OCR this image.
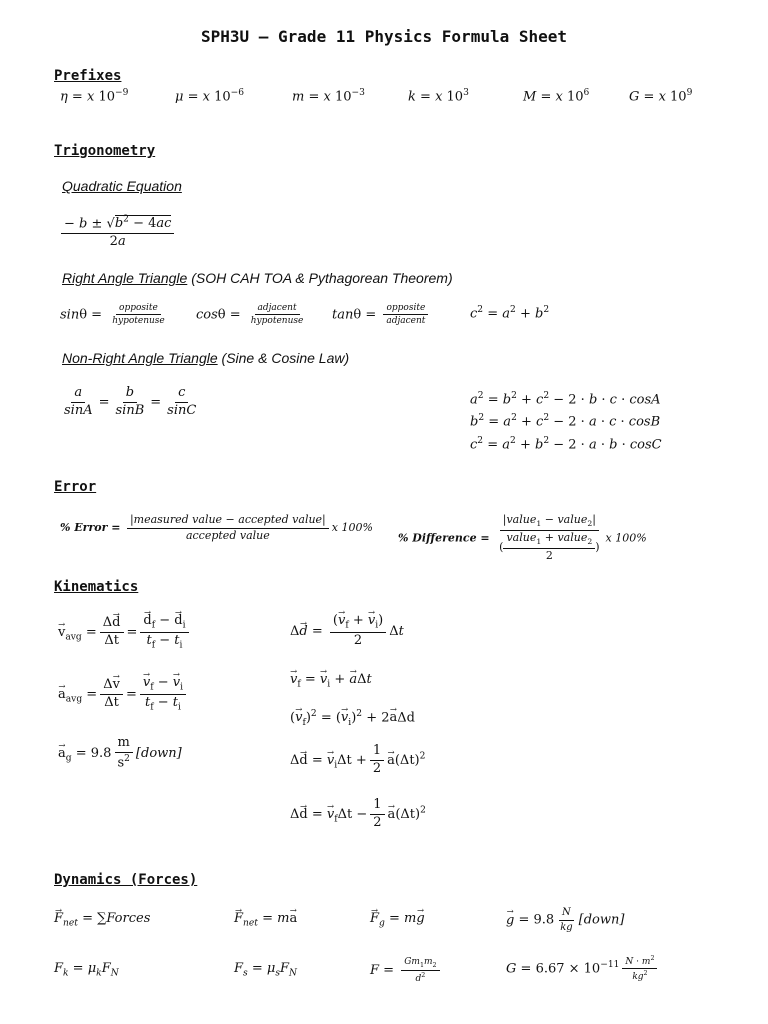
SPH3U – Grade 11 Physics Formula Sheet
Prefixes
η = x $10^{-9}$	μ = x $10^{-6}$	m = x $10^{-3}$	k = x $10^3$	M = x $10^6$	G = x $10^9$
Trigonometry
Quadratic Equation
$\frac{- b \pm √b^2 - 4ac}{2a}$
Right Angle Triangle (SOH CAH TOA & Pythagorean Theorem)
$\sin\theta = \frac{\text{opposite}}{\text{hypotenuse}}$ $\cos\theta = \frac{\text{adjacent}}{\text{hypotenuse}}$ $\tan\theta = \frac{\text{opposite}}{\text{adjacent}}$	$c^2 = a^2 + b^2$
Non-Right Angle Triangle (Sine & Cosine Law)
$\frac{a}{\sin A} = \frac{b}{\sin B} = \frac{c}{\sin C}$	$a^2 = b^2 + c^2 - 2 \cdot b \cdot c \cdot \cos A$
$b^2 = a^2 + c^2 - 2 \cdot a \cdot c \cdot \cos B$
$c^2 = a^2 + b^2 - 2 \cdot a \cdot b \cdot \cos C$
Error
% Error = $\frac{\text{|measured value − accepted value|}}{\text{accepted value}}$ x 100%
% Difference = $\frac{|value_1 - value_2|}{( \frac{value_1 + value_2}{2} )}$ x 100%
Kinematics
→ $v_{avg} = \frac{\Delta\to d}{\Delta t}$ =
→ $\frac{d_f - \to d_i}{t_f - t_i}$
→ $a_{avg} = \frac{\Delta\to v}{\Delta t}$ =
→ $\frac{v_f - \to v_i}{t_f - t_i}$
→ $a_g = 9.8 \frac{m}{s^2}$ [down]
$\Delta\to d = \frac{(\to v_f + \to v_i)}{2}$ Δt
→ $v_f$ = → $v_i$ + → aΔt
(→ $v_f)^2$ = (→ $v_i)^2 + 2\to a\Delta d$
Δ→ d = → $v_i\Delta t + \frac{1}{2}$
→ $a(\Delta t)^2$
Δ→ d = → $v_f\Delta t - \frac{1}{2}$
→ $a(\Delta t)^2$
Dynamics (Forces)
→ $F_{net}$ = ∑Forces
→	$F_{net} = m\to a$
→	$F_g = m\to g$
→	$g = 9.8 \frac{N}{kg}$ [down]
$F_k = \mu_kF_N$	$F_s = \mu_sF_N$	$F = \frac{Gm_1m_2}{d^2}$	$G = 6.67 \times 10^{-11} \frac{N \cdot m^2}{kg^2}$
